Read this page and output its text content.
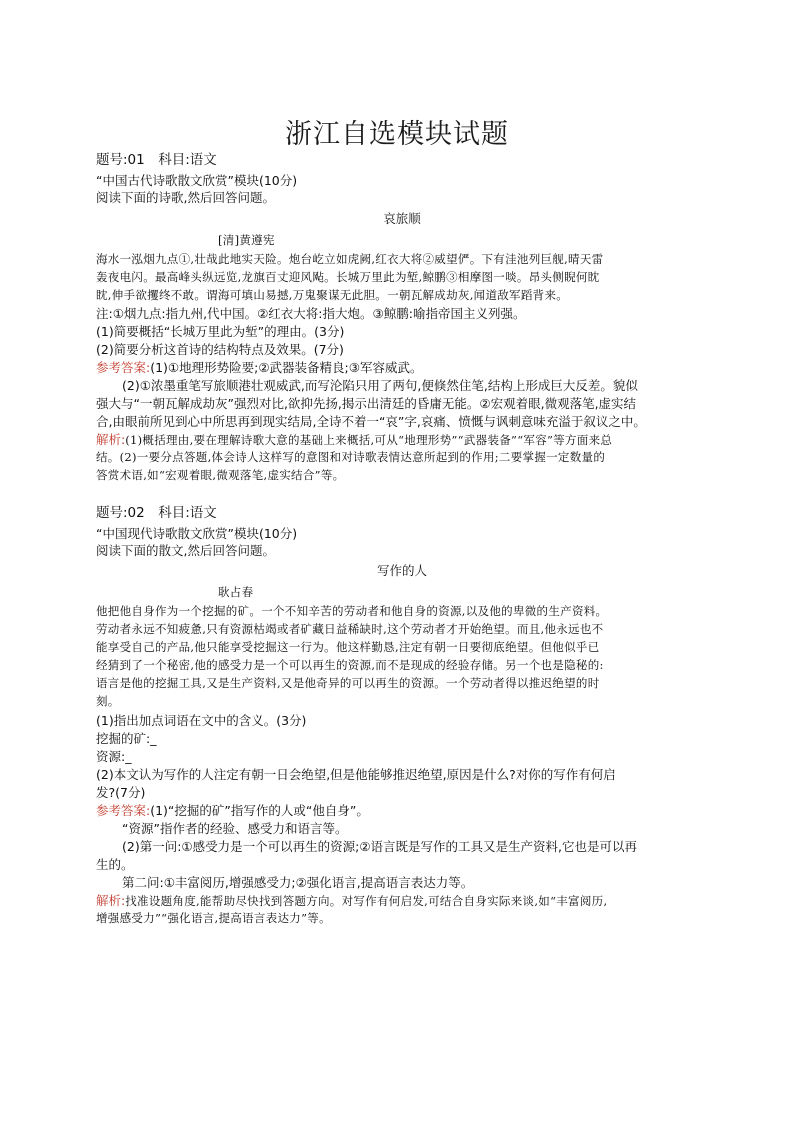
浙江自选模块试题
题号:01　科目:语文
“中国古代诗歌散文欣赏”模块(10分)
阅读下面的诗歌,然后回答问题。
哀旅顺
[清]黄遵宪
海水一泓烟九点①,壮哉此地实天险。炮台屹立如虎阙,红衣大将②威望俨。下有洼池列巨舰,晴天雷
轰夜电闪。最高峰头纵远览,龙旗百丈迎风飐。长城万里此为堑,鲸鹏③相摩图一啖。昂头侧睨何眈
眈,伸手欲攫终不敢。谓海可填山易撼,万鬼聚谋无此胆。一朝瓦解成劫灰,闻道敌军蹈背来。
注:①烟九点:指九州,代中国。②红衣大将:指大炮。③鲸鹏:喻指帝国主义列强。
(1)简要概括“长城万里此为堑”的理由。(3分)
(2)简要分析这首诗的结构特点及效果。(7分)
参考答案:(1)①地理形势险要;②武器装备精良;③军容威武。
(2)①浓墨重笔写旅顺港壮观威武,而写沦陷只用了两句,便倏然住笔,结构上形成巨大反差。貌似
强大与“一朝瓦解成劫灰”强烈对比,欲抑先扬,揭示出清廷的昏庸无能。②宏观着眼,微观落笔,虚实结
合,由眼前所见到心中所思再到现实结局,全诗不着一“哀”字,哀痛、愤慨与讽刺意味充溢于叙议之中。
解析:(1)概括理由,要在理解诗歌大意的基础上来概括,可从“地理形势”“武器装备”“军容”等方面来总
结。(2)一要分点答题,体会诗人这样写的意图和对诗歌表情达意所起到的作用;二要掌握一定数量的
答赏术语,如“宏观着眼,微观落笔,虚实结合”等。
题号:02　科目:语文
“中国现代诗歌散文欣赏”模块(10分)
阅读下面的散文,然后回答问题。
写作的人
耿占春
他把他自身作为一个挖掘的矿。一个不知辛苦的劳动者和他自身的资源,以及他的卑微的生产资料。
劳动者永远不知疲惫,只有资源枯竭或者矿藏日益稀缺时,这个劳动者才开始绝望。而且,他永远也不
能享受自己的产品,他只能享受挖掘这一行为。他这样勤恳,注定有朝一日要彻底绝望。但他似乎已
经猜到了一个秘密,他的感受力是一个可以再生的资源,而不是现成的经验存储。另一个也是隐秘的:
语言是他的挖掘工具,又是生产资料,又是他奇异的可以再生的资源。一个劳动者得以推迟绝望的时
刻。
(1)指出加点词语在文中的含义。(3分)
挖掘的矿:_
资源:_
(2)本文认为写作的人注定有朝一日会绝望,但是他能够推迟绝望,原因是什么?对你的写作有何启
发?(7分)
参考答案:(1)“挖掘的矿”指写作的人或“他自身”。
“资源”指作者的经验、感受力和语言等。
(2)第一问:①感受力是一个可以再生的资源;②语言既是写作的工具又是生产资料,它也是可以再
生的。
第二问:①丰富阅历,增强感受力;②强化语言,提高语言表达力等。
解析:找准设题角度,能帮助尽快找到答题方向。对写作有何启发,可结合自身实际来谈,如“丰富阅历,
增强感受力”“强化语言,提高语言表达力”等。
